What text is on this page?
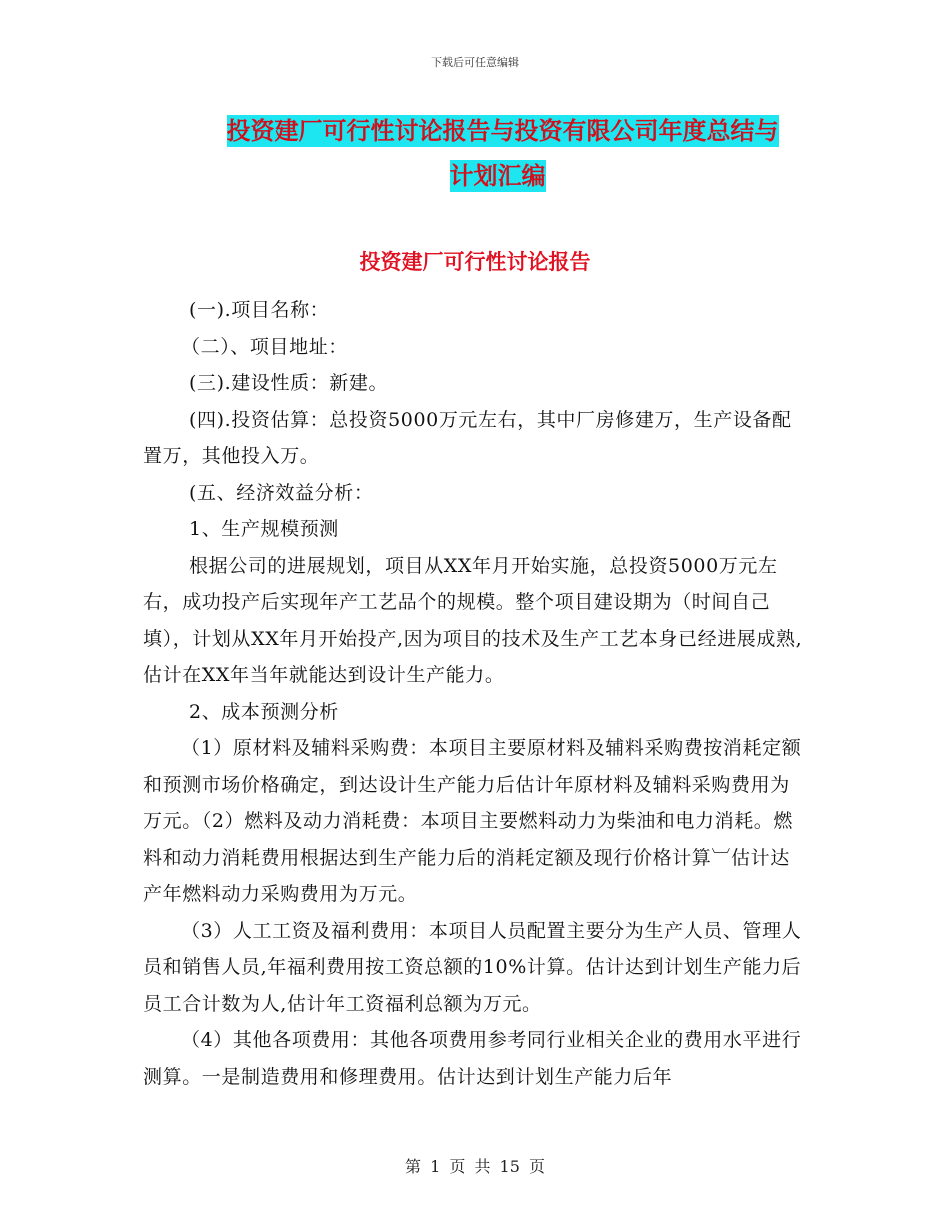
下载后可任意编辑
投资建厂可行性讨论报告与投资有限公司年度总结与
计划汇编
投资建厂可行性讨论报告

(一).项目名称：

（二）、项目地址：

(三).建设性质：新建。

(四).投资估算：总投资5000万元左右，其中厂房修建万，生产设备配置万，其他投入万。

(五、经济效益分析：

1、生产规模预测

根据公司的进展规划，项目从XX年月开始实施，总投资5000万元左右，成功投产后实现年产工艺品个的规模。整个项目建设期为（时间自己填），计划从XX年月开始投产,因为项目的技术及生产工艺本身已经进展成熟,估计在XX年当年就能达到设计生产能力。

2、成本预测分析

（1）原材料及辅料采购费：本项目主要原材料及辅料采购费按消耗定额和预测市场价格确定，到达设计生产能力后估计年原材料及辅料采购费用为万元。（2）燃料及动力消耗费：本项目主要燃料动力为柴油和电力消耗。燃料和动力消耗费用根据达到生产能力后的消耗定额及现行价格计算︺估计达产年燃料动力采购费用为万元。

（3）人工工资及福利费用：本项目人员配置主要分为生产人员、管理人员和销售人员,年福利费用按工资总额的10%计算。估计达到计划生产能力后员工合计数为人,估计年工资福利总额为万元。

（4）其他各项费用：其他各项费用参考同行业相关企业的费用水平进行测算。一是制造费用和修理费用。估计达到计划生产能力后年

第 1 页 共 15 页
